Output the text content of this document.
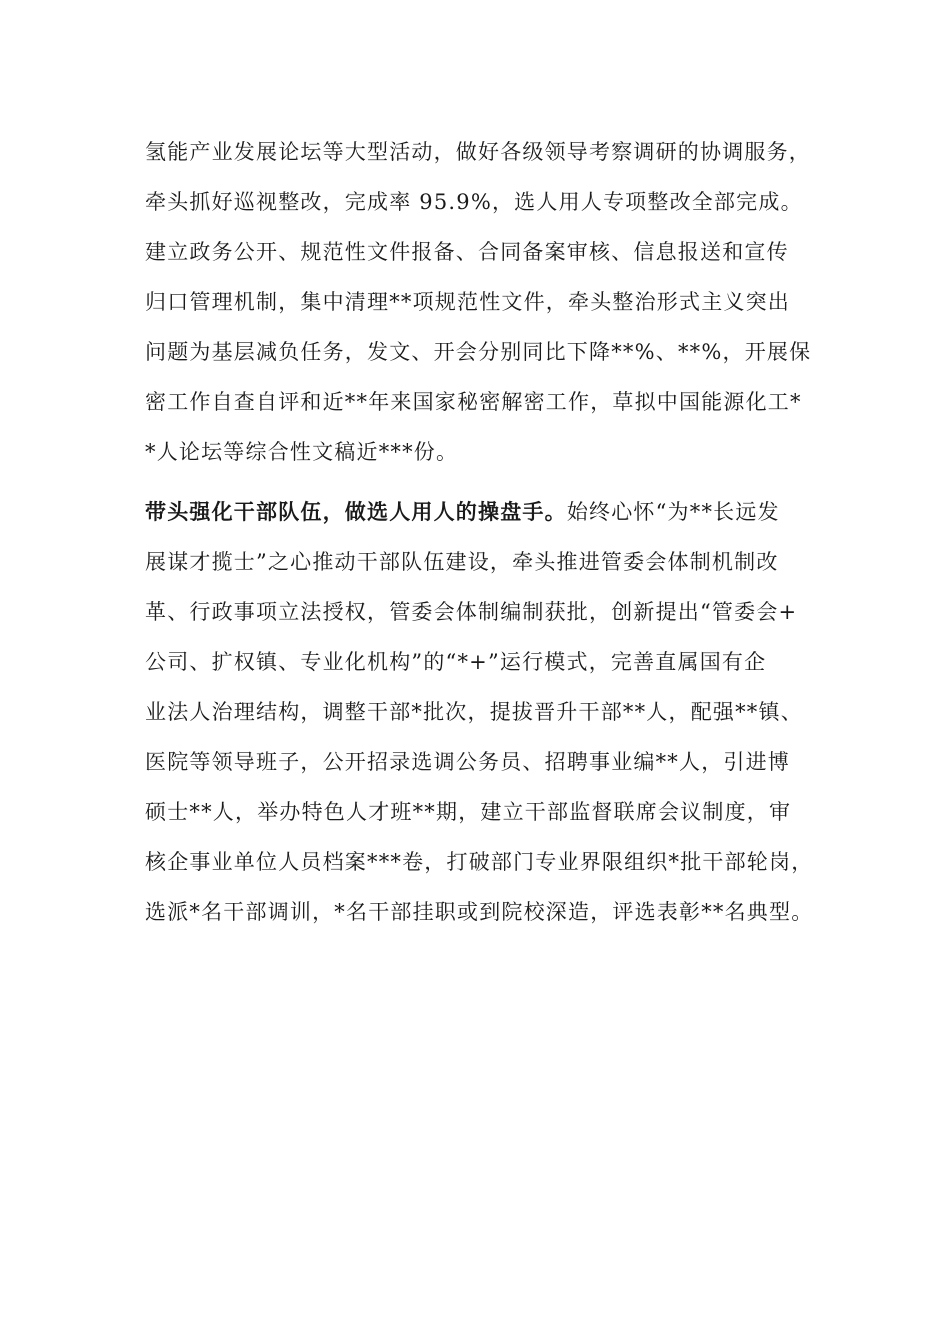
氢能产业发展论坛等大型活动，做好各级领导考察调研的协调服务，
牵头抓好巡视整改，完成率 95.9%，选人用人专项整改全部完成。
建立政务公开、规范性文件报备、合同备案审核、信息报送和宣传
归口管理机制，集中清理**项规范性文件，牵头整治形式主义突出
问题为基层减负任务，发文、开会分别同比下降**%、**%，开展保
密工作自查自评和近**年来国家秘密解密工作，草拟中国能源化工*
*人论坛等综合性文稿近***份。
带头强化干部队伍，做选人用人的操盘手。始终心怀“为**长远发
展谋才揽士”之心推动干部队伍建设，牵头推进管委会体制机制改
革、行政事项立法授权，管委会体制编制获批，创新提出“管委会+
公司、扩权镇、专业化机构”的“*+”运行模式，完善直属国有企
业法人治理结构，调整干部*批次，提拔晋升干部**人，配强**镇、
医院等领导班子，公开招录选调公务员、招聘事业编**人，引进博
硕士**人，举办特色人才班**期，建立干部监督联席会议制度，审
核企事业单位人员档案***卷，打破部门专业界限组织*批干部轮岗，
选派*名干部调训，*名干部挂职或到院校深造，评选表彰**名典型。
